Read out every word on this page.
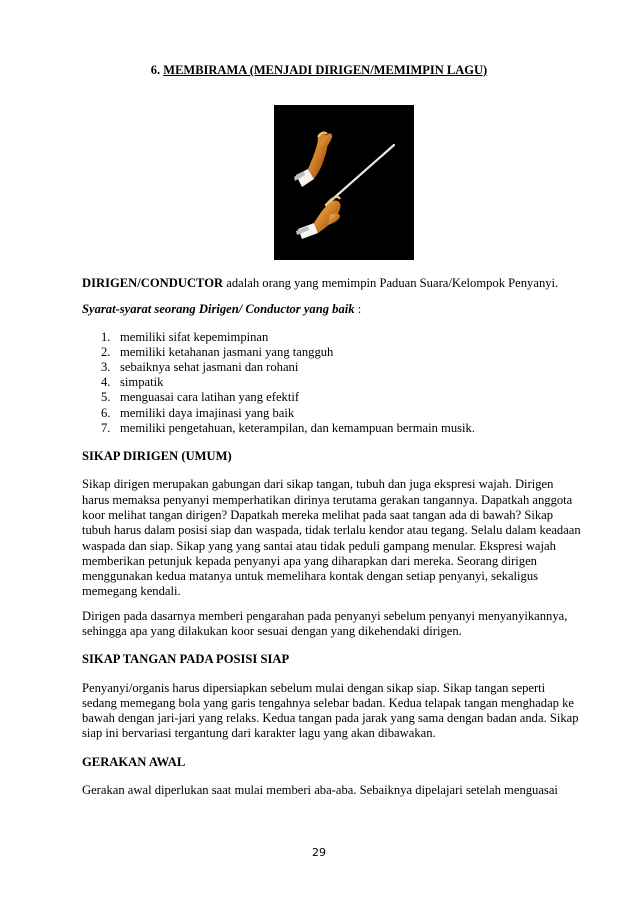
6. MEMBIRAMA (MENJADI DIRIGEN/MEMIMPIN LAGU)

DIRIGEN/CONDUCTOR adalah orang yang memimpin Paduan Suara/Kelompok Penyanyi.

Syarat-syarat seorang Dirigen/ Conductor yang baik :

1. memiliki sifat kepemimpinan
2. memiliki ketahanan jasmani yang tangguh
3. sebaiknya sehat jasmani dan rohani
4. simpatik
5. menguasai cara latihan yang efektif
6. memiliki daya imajinasi yang baik
7. memiliki pengetahuan, keterampilan, dan kemampuan bermain musik.
SIKAP DIRIGEN (UMUM)

Sikap dirigen merupakan gabungan dari sikap tangan, tubuh dan juga ekspresi wajah. Dirigen harus memaksa penyanyi memperhatikan dirinya terutama gerakan tangannya. Dapatkah anggota koor melihat tangan dirigen? Dapatkah mereka melihat pada saat tangan ada di bawah? Sikap tubuh harus dalam posisi siap dan waspada, tidak terlalu kendor atau tegang. Selalu dalam keadaan waspada dan siap. Sikap yang yang santai atau tidak peduli gampang menular. Ekspresi wajah memberikan petunjuk kepada penyanyi apa yang diharapkan dari mereka. Seorang dirigen menggunakan kedua matanya untuk memelihara kontak dengan setiap penyanyi, sekaligus memegang kendali.

Dirigen pada dasarnya memberi pengarahan pada penyanyi sebelum penyanyi menyanyikannya, sehingga apa yang dilakukan koor sesuai dengan yang dikehendaki dirigen.

SIKAP TANGAN PADA POSISI SIAP

Penyanyi/organis harus dipersiapkan sebelum mulai dengan sikap siap. Sikap tangan seperti sedang memegang bola yang garis tengahnya selebar badan. Kedua telapak tangan menghadap ke bawah dengan jari-jari yang relaks. Kedua tangan pada jarak yang sama dengan badan anda. Sikap siap ini bervariasi tergantung dari karakter lagu yang akan dibawakan.

GERAKAN AWAL

Gerakan awal diperlukan saat mulai memberi aba-aba. Sebaiknya dipelajari setelah menguasai

29
